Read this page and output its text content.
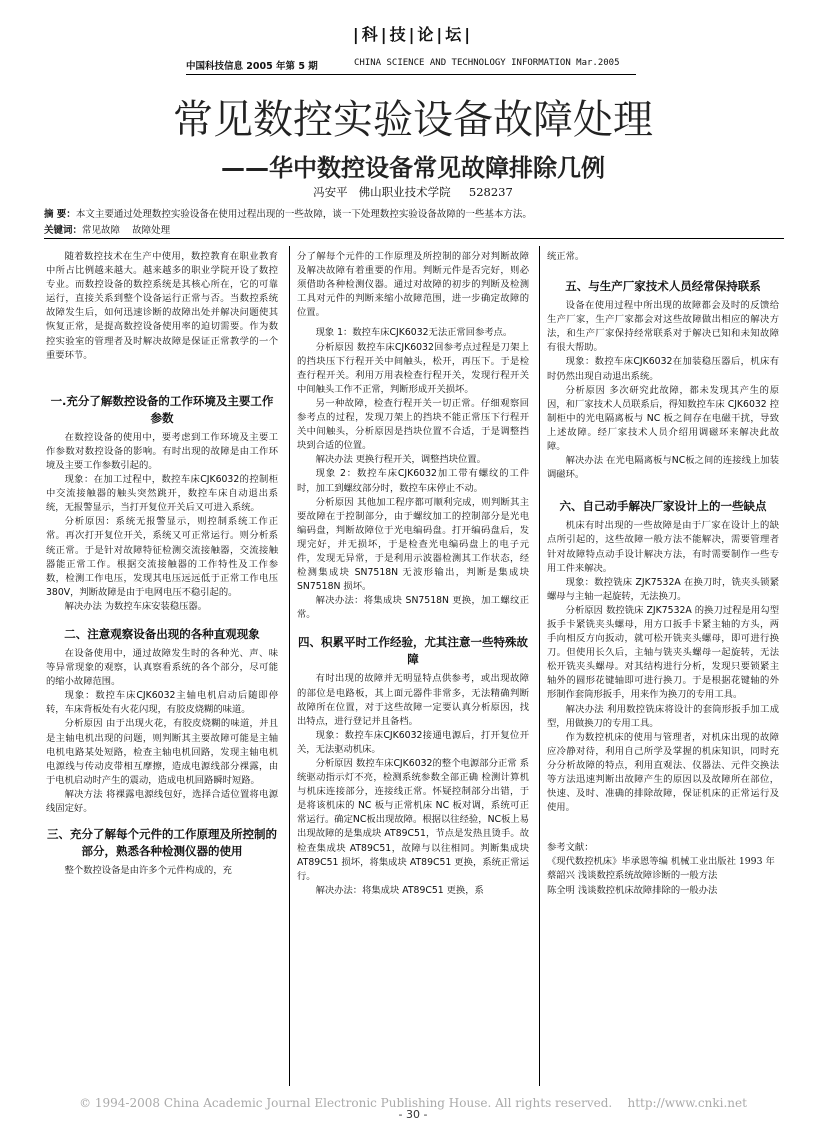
|科|技|论|坛|
中国科技信息 2005 年第 5 期	CHINA SCIENCE AND TECHNOLOGY INFORMATION Mar.2005
常见数控实验设备故障处理
——华中数控设备常见故障排除几例
冯安平   佛山职业技术学院     528237
摘 要：本文主要通过处理数控实验设备在使用过程出现的一些故障，谈一下处理数控实验设备故障的一些基本方法。
关键词：常见故障    故障处理

随着数控技术在生产中使用，数控教育在职业教育中所占比例越来越大。越来越多的职业学院开设了数控专业。而数控设备的数控系统是其核心所在，它的可靠运行，直接关系到整个设备运行正常与否。当数控系统故障发生后，如何迅速诊断的故障出处并解决问题使其恢复正常，是提高数控设备使用率的迫切需要。作为数控实验室的管理者及时解决故障是保证正常教学的一个重要环节。

一.充分了解数控设备的工作环境及主要工作参数

在数控设备的使用中，要考虑到工作环境及主要工作参数对数控设备的影响。有时出现的故障是由工作环境及主要工作参数引起的。

现象：在加工过程中，数控车床CJK6032的控制柜中交流接触器的触头突然跳开，数控车床自动退出系统，无报警显示，当打开复位开关后又可进入系统。

分析原因：系统无报警显示，则控制系统工作正常。再次打开复位开关，系统又可正常运行。则分析系统正常。于是针对故障特征检测交流接触器，交流接触器能正常工作。根据交流接触器的工作特性及工作参数，检测工作电压，发现其电压远远低于正常工作电压380V，判断故障是由于电网电压不稳引起的。

解决办法 为数控车床安装稳压器。

二、注意观察设备出现的各种直观现象

在设备使用中，通过故障发生时的各种光、声、味等异常现象的观察，认真察看系统的各个部分，尽可能的缩小故障范围。

现象：数控车床CJK6032主轴电机启动后随即停转，车床背板处有火花闪现，有胶皮烧糊的味道。

分析原因 由于出现火花，有胶皮烧糊的味道，并且是主轴电机出现的问题，则判断其主要故障可能是主轴电机电路某处短路，检查主轴电机回路，发现主轴电机电源线与传动皮带相互摩擦，造成电源线部分裸露，由于电机启动时产生的震动，造成电机回路瞬时短路。

解决方法 将裸露电源线包好，选择合适位置将电源线固定好。

三、充分了解每个元件的工作原理及所控制的部分，熟悉各种检测仪器的使用

整个数控设备是由许多个元件构成的，充

分了解每个元件的工作原理及所控制的部分对判断故障及解决故障有着重要的作用。判断元件是否完好，则必须借助各种检测仪器。通过对故障的初步的判断及检测工具对元件的判断来缩小故障范围，进一步确定故障的位置。

现象 1：数控车床CJK6032无法正常回参考点。

分析原因 数控车床CJK6032回参考点过程是刀架上的挡块压下行程开关中间触头，松开，再压下。于是检查行程开关。利用万用表检查行程开关，发现行程开关中间触头工作不正常，判断形成开关损坏。

另一种故障，检查行程开关一切正常。仔细观察回参考点的过程，发现刀架上的挡块不能正常压下行程开关中间触头，分析原因是挡块位置不合适，于是调整挡块到合适的位置。

解决办法 更换行程开关，调整挡块位置。

现象 2：数控车床CJK6032加工带有螺纹的工件时，加工到螺纹部分时，数控车床停止不动。

分析原因 其他加工程序都可顺利完成，则判断其主要故障在于控制部分，由于螺纹加工的控制部分是光电编码盘，判断故障位于光电编码盘。打开编码盘后，发现完好，并无损坏，于是检查光电编码盘上的电子元件，发现无异常，于是利用示波器检测其工作状态，经检测集成块 SN7518N 无波形输出，判断是集成块 SN7518N 损坏。

解决办法：将集成块 SN7518N 更换，加工螺纹正常。

四、积累平时工作经验，尤其注意一些特殊故障

有时出现的故障并无明显特点供参考，或出现故障的部位是电路板，其上面元器件非常多，无法精确判断故障所在位置，对于这些故障一定要认真分析原因，找出特点，进行登记并且备档。

现象：数控车床CJK6032接通电源后，打开复位开关，无法驱动机床。

分析原因 数控车床CJK6032的整个电源部分正常 系统驱动指示灯不亮，检测系统参数全部正确 检测计算机与机床连接部分，连接线正常。怀疑控制部分出错，于是将该机床的 NC 板与正常机床 NC 板对调，系统可正常运行。确定NC板出现故障。根据以往经验，NC板上易出现故障的是集成块 AT89C51，节点是发热且烫手。故检查集成块 AT89C51，故障与以往相同。判断集成块 AT89C51 损坏，将集成块 AT89C51 更换，系统正常运行。

解决办法：将集成块 AT89C51 更换，系

统正常。

五、与生产厂家技术人员经常保持联系

设备在使用过程中所出现的故障都会及时的反馈给生产厂家，生产厂家都会对这些故障做出相应的解决方法，和生产厂家保持经常联系对于解决已知和未知故障有很大帮助。

现象：数控车床CJK6032在加装稳压器后，机床有时仍然出现自动退出系统。

分析原因 多次研究此故障，都未发现其产生的原因，和厂家技术人员联系后，得知数控车床 CJK6032 控制柜中的光电隔离板与 NC 板之间存在电磁干扰，导致上述故障。经厂家技术人员介绍用调磁环来解决此故障。

解决办法 在光电隔离板与NC板之间的连接线上加装调磁环。

六、自己动手解决厂家设计上的一些缺点

机床有时出现的一些故障是由于厂家在设计上的缺点所引起的，这些故障一般方法不能解决，需要管理者针对故障特点动手设计解决方法，有时需要制作一些专用工件来解决。

现象：数控铣床 ZJK7532A 在换刀时，铣夹头锁紧螺母与主轴一起旋转，无法换刀。

分析原因 数控铣床 ZJK7532A 的换刀过程是用勾型扳手卡紧铣夹头螺母，用方口扳手卡紧主轴的方头，两手向相反方向扳动，就可松开铣夹头螺母，即可进行换刀。但使用长久后，主轴与铣夹头螺母一起旋转，无法松开铣夹头螺母。对其结构进行分析，发现只要锁紧主轴外的圆形花键轴即可进行换刀。于是根据花键轴的外形制作套筒形扳手，用来作为换刀的专用工具。

解决办法 利用数控铣床将设计的套筒形扳手加工成型，用做换刀的专用工具。

作为数控机床的使用与管理者，对机床出现的故障应冷静对待，利用自己所学及掌握的机床知识，同时充分分析故障的特点，利用直观法、仪器法、元件交换法等方法迅速判断出故障产生的原因以及故障所在部位，快速、及时、准确的排除故障，保证机床的正常运行及使用。

参考文献：

《现代数控机床》毕承恩等编 机械工业出版社 1993 年

蔡韶兴 浅谈数控系统故障诊断的一般方法

陈全明 浅谈数控机床故障排除的一般办法

© 1994-2008 China Academic Journal Electronic Publishing House. All rights reserved.    http://www.cnki.net
- 30 -
